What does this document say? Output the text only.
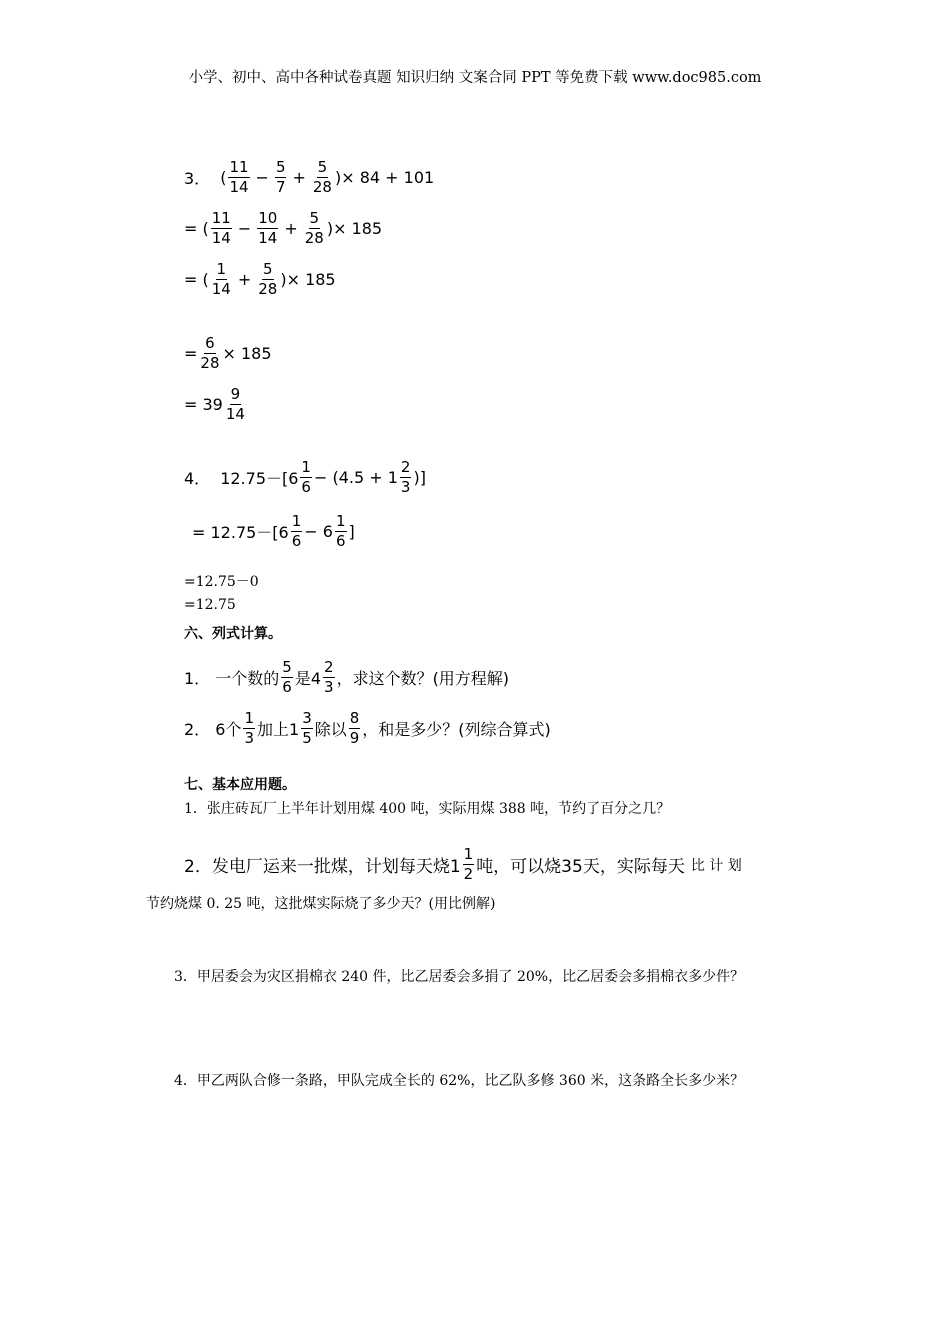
小学、初中、高中各种试卷真题 知识归纳 文案合同 PPT 等免费下载 www.doc985.com
3． ( $\frac{11}{14} - \frac{5}{7} + \frac{5}{28}$ )× 84 + 101
= ( $\frac{11}{14} - \frac{10}{14} + \frac{5}{28}$ )× 185
= ( $\frac{1}{14} + \frac{5}{28}$ )× 185
= $\frac{6}{28} \times 185$
= $39 \frac{9}{14}$
4． $12.75-[6 \frac{1}{6} - (4.5 + 1 \frac{2}{3}$ )]
= $12.75-[6 \frac{1}{6} - 6 \frac{1}{6}$ ]
=12.75－0
=12.75
六、列式计算。
1． 一个数的 $\frac{5}{6}$ 是$4 \frac{2}{3}$ ，求这个数？(用方程解)
2． 6个 $\frac{1}{3}$ 加上$1 \frac{3}{5}$ 除以 $\frac{8}{9}$ ，和是多少？(列综合算式)
七、基本应用题。
1．张庄砖瓦厂上半年计划用煤 400 吨，实际用煤 388 吨，节约了百分之几？
2．发电厂运来一批煤，计划每天烧$1 \frac{1}{2}$ 吨，可以烧35天，实际每天 比 计 划
节约烧煤 0. 25 吨，这批煤实际烧了多少天？(用比例解)
3．甲居委会为灾区捐棉衣 240 件，比乙居委会多捐了 20%，比乙居委会多捐棉衣多少件？
4．甲乙两队合修一条路，甲队完成全长的 62%，比乙队多修 360 米，这条路全长多少米？
